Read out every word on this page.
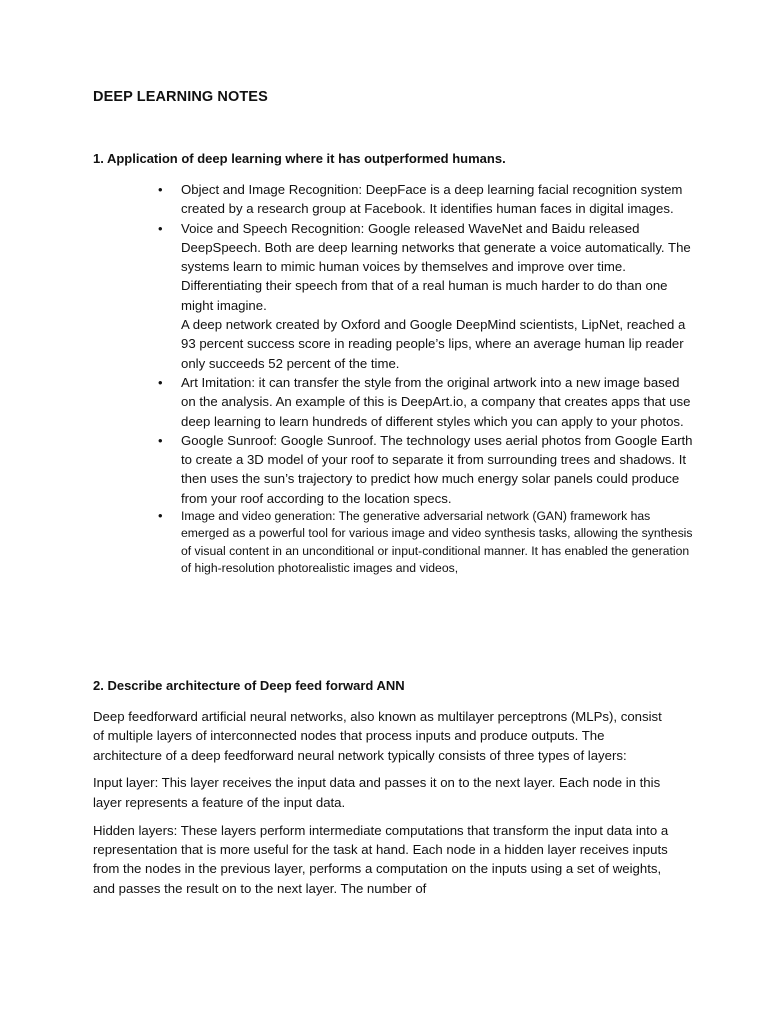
DEEP LEARNING NOTES
1. Application of deep learning where it has outperformed humans.
• Object and Image Recognition: DeepFace is a deep learning facial recognition system created by a research group at Facebook. It identifies human faces in digital images.

• Voice and Speech Recognition: Google released WaveNet and Baidu released DeepSpeech. Both are deep learning networks that generate a voice automatically. The systems learn to mimic human voices by themselves and improve over time. Differentiating their speech from that of a real human is much harder to do than one might imagine.

A deep network created by Oxford and Google DeepMind scientists, LipNet, reached a 93 percent success score in reading people’s lips, where an average human lip reader only succeeds 52 percent of the time.

• Art Imitation: it can transfer the style from the original artwork into a new image based on the analysis. An example of this is DeepArt.io, a company that creates apps that use deep learning to learn hundreds of different styles which you can apply to your photos.

• Google Sunroof: Google Sunroof. The technology uses aerial photos from Google Earth to create a 3D model of your roof to separate it from surrounding trees and shadows. It then uses the sun’s trajectory to predict how much energy solar panels could produce from your roof according to the location specs.

• Image and video generation: The generative adversarial network (GAN) framework has emerged as a powerful tool for various image and video synthesis tasks, allowing the synthesis of visual content in an unconditional or input-conditional manner. It has enabled the generation of high-resolution photorealistic images and videos,

2. Describe architecture of Deep feed forward ANN

Deep feedforward artificial neural networks, also known as multilayer perceptrons (MLPs), consist of multiple layers of interconnected nodes that process inputs and produce outputs. The architecture of a deep feedforward neural network typically consists of three types of layers:

Input layer: This layer receives the input data and passes it on to the next layer. Each node in this layer represents a feature of the input data.

Hidden layers: These layers perform intermediate computations that transform the input data into a representation that is more useful for the task at hand. Each node in a hidden layer receives inputs from the nodes in the previous layer, performs a computation on the inputs using a set of weights, and passes the result on to the next layer. The number of
